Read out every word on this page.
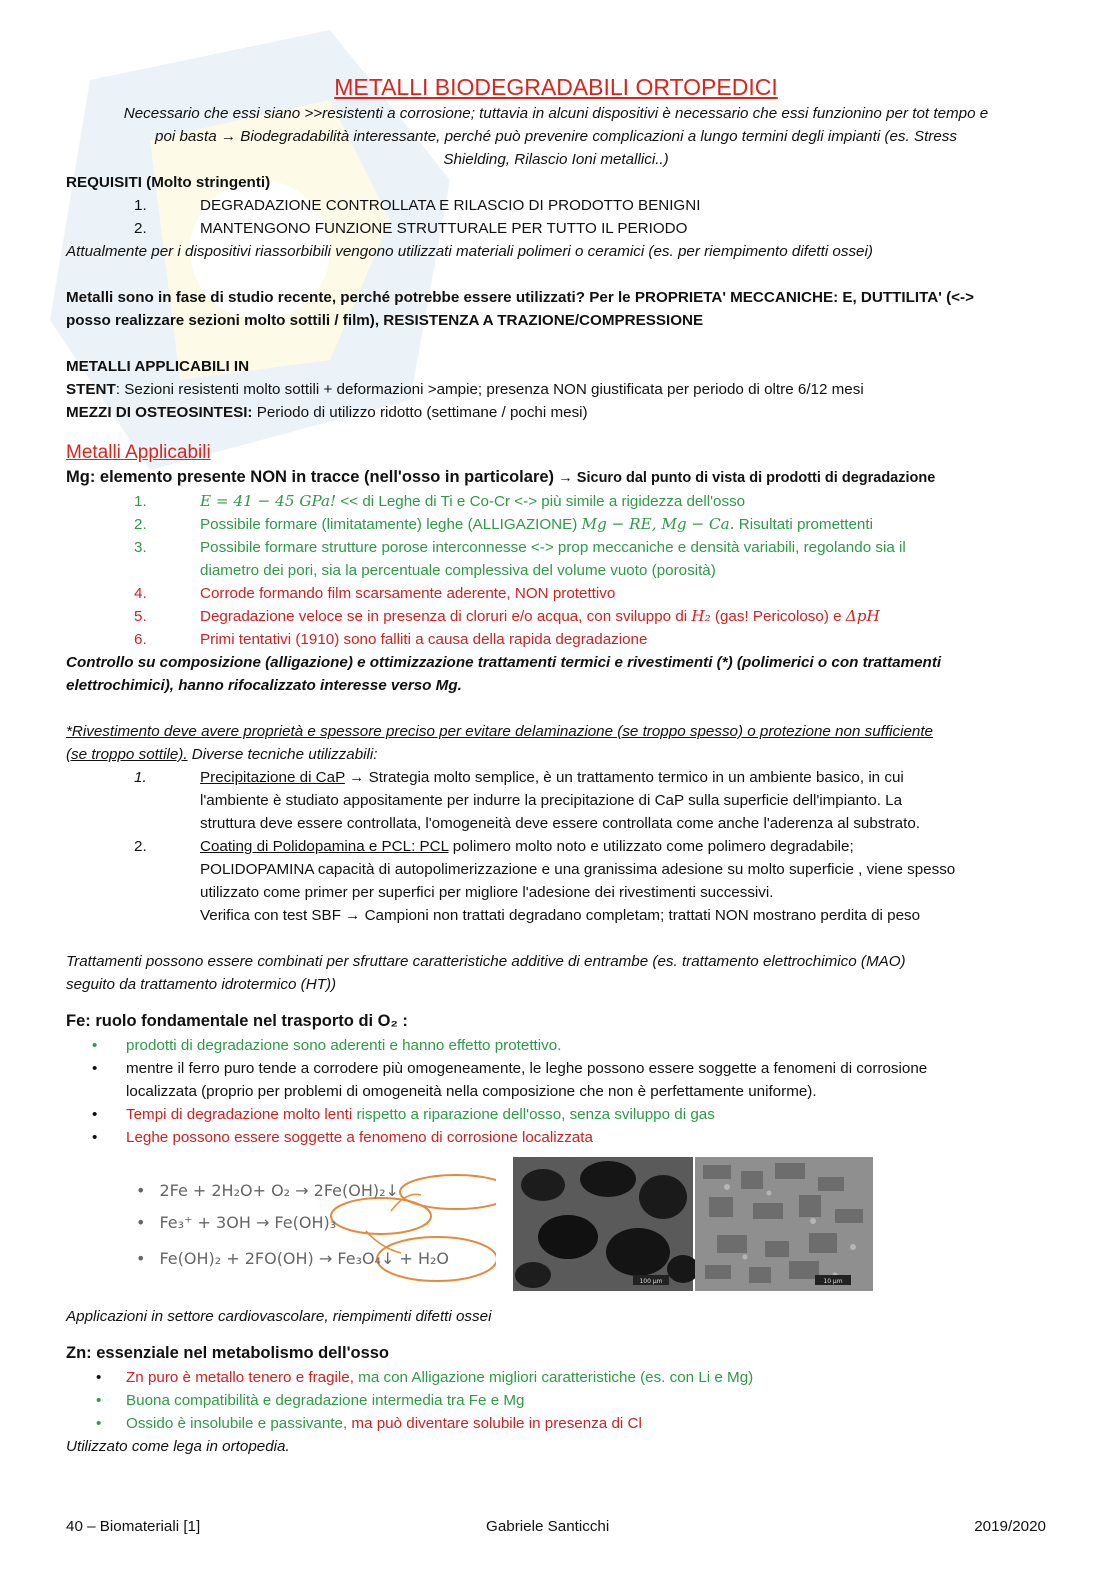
METALLI BIODEGRADABILI ORTOPEDICI
Necessario che essi siano >>resistenti a corrosione; tuttavia in alcuni dispositivi è necessario che essi funzionino per tot tempo e
poi basta → Biodegradabilità interessante, perché può prevenire complicazioni a lungo termini degli impianti (es. Stress
Shielding, Rilascio Ioni metallici..)
REQUISITI (Molto stringenti)
1.	DEGRADAZIONE CONTROLLATA E RILASCIO DI PRODOTTO BENIGNI
2.	MANTENGONO FUNZIONE STRUTTURALE PER TUTTO IL PERIODO
Attualmente per i dispositivi riassorbibili vengono utilizzati materiali polimeri o ceramici (es. per riempimento difetti ossei)
Metalli sono in fase di studio recente, perché potrebbe essere utilizzati? Per le PROPRIETA' MECCANICHE: E, DUTTILITA' (<->
posso realizzare sezioni molto sottili / film), RESISTENZA A TRAZIONE/COMPRESSIONE
METALLI APPLICABILI IN
STENT: Sezioni resistenti molto sottili + deformazioni >ampie; presenza NON giustificata per periodo di oltre 6/12 mesi
MEZZI DI OSTEOSINTESI: Periodo di utilizzo ridotto (settimane / pochi mesi)
Metalli Applicabili
Mg: elemento presente NON in tracce (nell'osso in particolare) → Sicuro dal punto di vista di prodotti di degradazione
1.	E = 41 − 45 GPa! << di Leghe di Ti e Co-Cr <-> più simile a rigidezza dell'osso
2.	Possibile formare (limitatamente) leghe (ALLIGAZIONE) Mg − RE, Mg − Ca. Risultati promettenti
3.	Possibile formare strutture porose interconnesse <-> prop meccaniche e densità variabili, regolando sia il
diametro dei pori, sia la percentuale complessiva del volume vuoto (porosità)
4.	Corrode formando film scarsamente aderente, NON protettivo
5.	Degradazione veloce se in presenza di cloruri e/o acqua, con sviluppo di H₂ (gas! Pericoloso) e ΔpH
6.	Primi tentativi (1910) sono falliti a causa della rapida degradazione
Controllo su composizione (alligazione) e ottimizzazione trattamenti termici e rivestimenti (*) (polimerici o con trattamenti
elettrochimici), hanno rifocalizzato interesse verso Mg.
*Rivestimento deve avere proprietà e spessore preciso per evitare delaminazione (se troppo spesso) o protezione non sufficiente
(se troppo sottile). Diverse tecniche utilizzabili:
1.	Precipitazione di CaP → Strategia molto semplice, è un trattamento termico in un ambiente basico, in cui
l'ambiente è studiato appositamente per indurre la precipitazione di CaP sulla superficie dell'impianto. La
struttura deve essere controllata, l'omogeneità deve essere controllata come anche l'aderenza al substrato.
2.	Coating di Polidopamina e PCL: PCL polimero molto noto e utilizzato come polimero degradabile;
POLIDOPAMINA capacità di autopolimerizzazione e una granissima adesione su molto superficie , viene spesso
utilizzato come primer per superfici per migliore l'adesione dei rivestimenti successivi.
Verifica con test SBF → Campioni non trattati degradano completam; trattati NON mostrano perdita di peso
Trattamenti possono essere combinati per sfruttare caratteristiche additive di entrambe (es. trattamento elettrochimico (MAO)
seguito da trattamento idrotermico (HT))
Fe: ruolo fondamentale nel trasporto di O₂ :
•	prodotti di degradazione sono aderenti e hanno effetto protettivo.
•	mentre il ferro puro tende a corrodere più omogeneamente, le leghe possono essere soggette a fenomeni di corrosione
localizzata (proprio per problemi di omogeneità nella composizione che non è perfettamente uniforme).
•	Tempi di degradazione molto lenti rispetto a riparazione dell'osso, senza sviluppo di gas
•	Leghe possono essere soggette a fenomeno di corrosione localizzata
• 2Fe + 2H₂O+ O₂ → 2Fe(OH)₂↓
• Fe₃⁺ + 3OH → Fe(OH)₃
• Fe(OH)₂ + 2FO(OH) → Fe₃O₄↓ + H₂O
100 μm	10 μm
Applicazioni in settore cardiovascolare, riempimenti difetti ossei
Zn: essenziale nel metabolismo dell'osso
•	Zn puro è metallo tenero e fragile, ma con Alligazione migliori caratteristiche (es. con Li e Mg)
•	Buona compatibilità e degradazione intermedia tra Fe e Mg
•	Ossido è insolubile e passivante, ma può diventare solubile in presenza di Cl
Utilizzato come lega in ortopedia.
40 – Biomateriali [1]	Gabriele Santicchi	2019/2020
